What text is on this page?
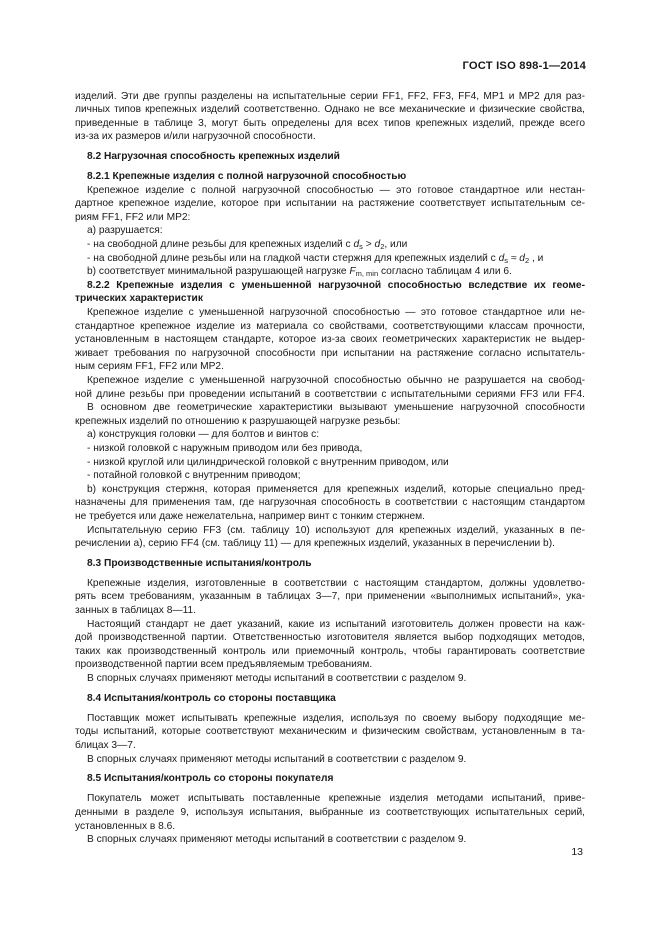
ГОСТ ISO 898-1—2014
изделий. Эти две группы разделены на испытательные серии FF1, FF2, FF3, FF4, MP1 и MP2 для раз-
личных типов крепежных изделий соответственно. Однако не все механические и физические свойства,
приведенные в таблице 3, могут быть определены для всех типов крепежных изделий, прежде всего
из-за их размеров и/или нагрузочной способности.
8.2 Нагрузочная способность крепежных изделий
8.2.1 Крепежные изделия с полной нагрузочной способностью
Крепежное изделие с полной нагрузочной способностью — это готовое стандартное или нестан-
дартное крепежное изделие, которое при испытании на растяжение соответствует испытательным се-
риям FF1, FF2 или MP2:
a) разрушается:
- на свободной длине резьбы для крепежных изделий с $d_s > d_2$, или
- на свободной длине резьбы или на гладкой части стержня для крепежных изделий с $d_s \approx d_2$ , и
b) соответствует минимальной разрушающей нагрузке $F_{m, min}$ согласно таблицам 4 или 6.
8.2.2 Крепежные изделия с уменьшенной нагрузочной способностью вследствие их геоме-
трических характеристик
Крепежное изделие с уменьшенной нагрузочной способностью — это готовое стандартное или не-
стандартное крепежное изделие из материала со свойствами, соответствующими классам прочности,
установленным в настоящем стандарте, которое из-за своих геометрических характеристик не выдер-
живает требования по нагрузочной способности при испытании на растяжение согласно испытатель-
ным сериям FF1, FF2 или MP2.
Крепежное изделие с уменьшенной нагрузочной способностью обычно не разрушается на свобод-
ной длине резьбы при проведении испытаний в соответствии с испытательными сериями FF3 или FF4.
В основном две геометрические характеристики вызывают уменьшение нагрузочной способности
крепежных изделий по отношению к разрушающей нагрузке резьбы:
a) конструкция головки — для болтов и винтов с:
- низкой головкой с наружным приводом или без привода,
- низкой круглой или цилиндрической головкой с внутренним приводом, или
- потайной головкой с внутренним приводом;
b) конструкция стержня, которая применяется для крепежных изделий, которые специально пред-
назначены для применения там, где нагрузочная способность в соответствии с настоящим стандартом
не требуется или даже нежелательна, например винт с тонким стержнем.
Испытательную серию FF3 (см. таблицу 10) используют для крепежных изделий, указанных в пе-
речислении a), серию FF4 (см. таблицу 11) — для крепежных изделий, указанных в перечислении b).
8.3 Производственные испытания/контроль
Крепежные изделия, изготовленные в соответствии с настоящим стандартом, должны удовлетво-
рять всем требованиям, указанным в таблицах 3—7, при применении «выполнимых испытаний», ука-
занных в таблицах 8—11.
Настоящий стандарт не дает указаний, какие из испытаний изготовитель должен провести на каж-
дой производственной партии. Ответственностью изготовителя является выбор подходящих методов,
таких как производственный контроль или приемочный контроль, чтобы гарантировать соответствие
производственной партии всем предъявляемым требованиям.
В спорных случаях применяют методы испытаний в соответствии с разделом 9.
8.4 Испытания/контроль со стороны поставщика
Поставщик может испытывать крепежные изделия, используя по своему выбору подходящие ме-
тоды испытаний, которые соответствуют механическим и физическим свойствам, установленным в та-
блицах 3—7.
В спорных случаях применяют методы испытаний в соответствии с разделом 9.
8.5 Испытания/контроль со стороны покупателя
Покупатель может испытывать поставленные крепежные изделия методами испытаний, приве-
денными в разделе 9, используя испытания, выбранные из соответствующих испытательных серий,
установленных в 8.6.
В спорных случаях применяют методы испытаний в соответствии с разделом 9.
13
